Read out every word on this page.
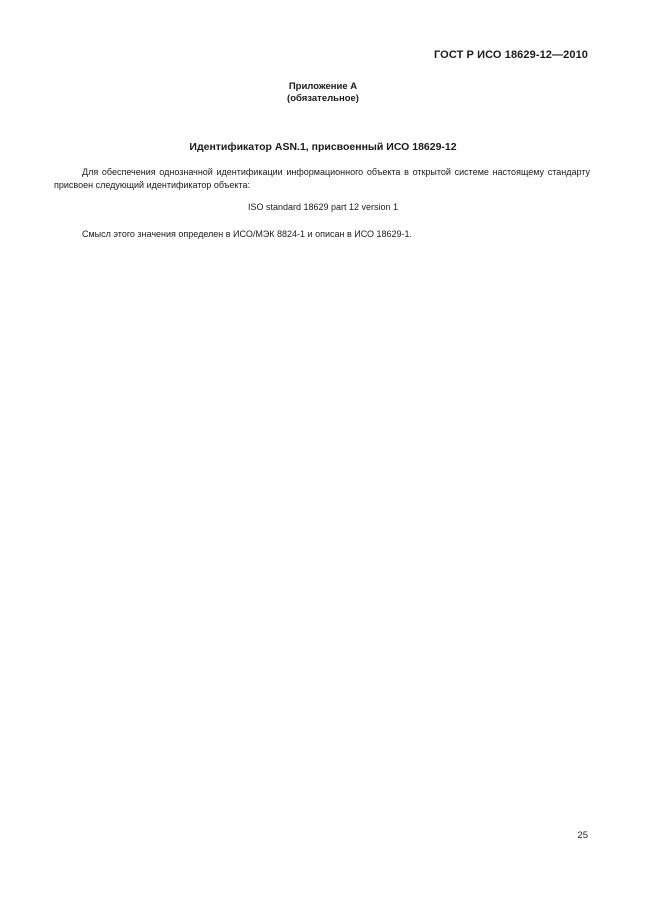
ГОСТ Р ИСО 18629-12—2010
Приложение А
(обязательное)
Идентификатор ASN.1, присвоенный ИСО 18629-12
Для обеспечения однозначной идентификации информационного объекта в открытой системе настоящему стандарту присвоен следующий идентификатор объекта:
ISO standard 18629 part 12 version 1
Смысл этого значения определен в ИСО/МЭК 8824-1 и описан в ИСО 18629-1.
25
